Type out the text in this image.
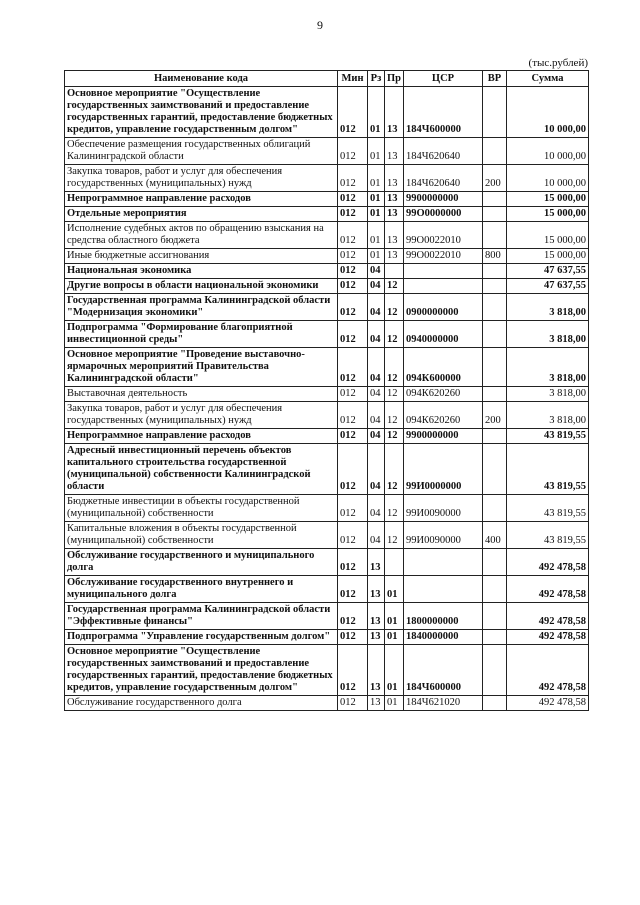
9
(тыс.рублей)
Наименование кода	Мин	Рз	Пр	ЦСР	ВР	Сумма
Основное мероприятие "Осуществление государственных заимствований и предоставление государственных гарантий, предоставление бюджетных кредитов, управление государственным долгом"	012	01	13	184Ч600000		10 000,00
Обеспечение размещения государственных облигаций Калининградской области	012	01	13	184Ч620640		10 000,00
Закупка товаров, работ и услуг для обеспечения государственных (муниципальных) нужд	012	01	13	184Ч620640	200	10 000,00
Непрограммное направление расходов	012	01	13	9900000000		15 000,00
Отдельные мероприятия	012	01	13	99О0000000		15 000,00
Исполнение судебных актов по обращению взыскания на средства областного бюджета	012	01	13	99О0022010		15 000,00
Иные бюджетные ассигнования	012	01	13	99О0022010	800	15 000,00
Национальная экономика	012	04				47 637,55
Другие вопросы в области национальной экономики	012	04	12			47 637,55
Государственная программа Калининградской области "Модернизация экономики"	012	04	12	0900000000		3 818,00
Подпрограмма "Формирование благоприятной инвестиционной среды"	012	04	12	0940000000		3 818,00
Основное мероприятие "Проведение выставочно-ярмарочных мероприятий Правительства Калининградской области"	012	04	12	094К600000		3 818,00
Выставочная деятельность	012	04	12	094К620260		3 818,00
Закупка товаров, работ и услуг для обеспечения государственных (муниципальных) нужд	012	04	12	094К620260	200	3 818,00
Непрограммное направление расходов	012	04	12	9900000000		43 819,55
Адресный инвестиционный перечень объектов капитального строительства государственной (муниципальной) собственности Калининградской области	012	04	12	99И0000000		43 819,55
Бюджетные инвестиции в объекты государственной (муниципальной) собственности	012	04	12	99И0090000		43 819,55
Капитальные вложения в объекты государственной (муниципальной) собственности	012	04	12	99И0090000	400	43 819,55
Обслуживание государственного и муниципального долга	012	13				492 478,58
Обслуживание государственного внутреннего и муниципального долга	012	13	01			492 478,58
Государственная программа Калининградской области "Эффективные финансы"	012	13	01	1800000000		492 478,58
Подпрограмма "Управление государственным долгом"	012	13	01	1840000000		492 478,58
Основное мероприятие "Осуществление государственных заимствований и предоставление государственных гарантий, предоставление бюджетных кредитов, управление государственным долгом"	012	13	01	184Ч600000		492 478,58
Обслуживание государственного долга	012	13	01	184Ч621020		492 478,58
